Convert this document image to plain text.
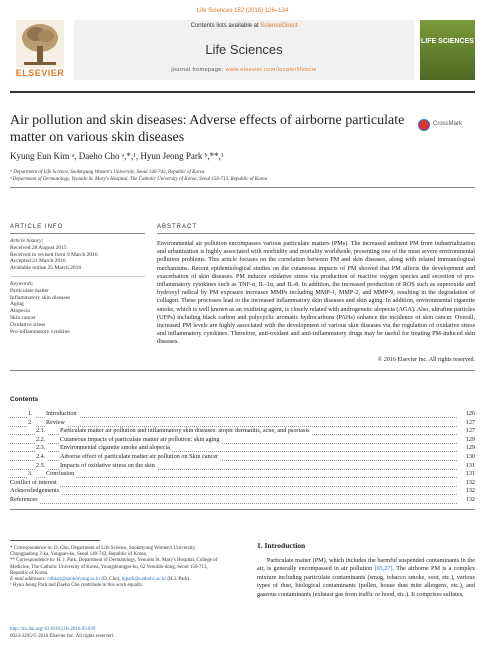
Life Sciences 152 (2016) 126–134
ELSEVIER
Contents lists available at ScienceDirect
Life Sciences
journal homepage: www.elsevier.com/locate/lifescie
LIFE SCIENCES
Air pollution and skin diseases: Adverse effects of airborne particulate
matter on various skin diseases
CrossMark
Kyung Eun Kim ᵃ, Daeho Cho ᵃ,*,¹, Hyun Jeong Park ᵇ,**,¹
ᵃ Department of Life Science, Sookmyung Women's University, Seoul 140-742, Republic of Korea
ᵇ Department of Dermatology, Yeouido St. Mary's Hospital, The Catholic University of Korea, Seoul 150-713, Republic of Korea
ARTICLE INFO	ABSTRACT
Article history:
Received 28 August 2015
Received in revised form 9 March 2016
Accepted 21 March 2016
Available online 25 March 2016
Keywords:
Particulate matter
Inflammatory skin diseases
Aging
Alopecia
Skin cancer
Oxidative stress
Pro-inflammatory cytokine
Environmental air pollution encompasses various particulate matters (PMs). The increased ambient PM from industrialization and urbanization is highly associated with morbidity and mortality worldwide, presenting one of the most severe environmental pollution problems. This article focuses on the correlation between PM and skin diseases, along with related immunological mechanisms. Recent epidemiological studies on the cutaneous impacts of PM showed that PM affects the development and exacerbation of skin diseases. PM induces oxidative stress via production of reactive oxygen species and secretion of pro-inflammatory cytokines such as TNF-α, IL-1α, and IL-8. In addition, the increased production of ROS such as superoxide and hydroxyl radical by PM exposure increases MMPs including MMP-1, MMP-2, and MMP-9, resulting in the degradation of collagen. These processes lead to the increased inflammatory skin diseases and skin aging. In addition, environmental cigarette smoke, which is well known as an oxidizing agent, is closely related with androgenetic alopecia (AGA). Also, ultrafine particles (UFPs) including black carbon and polycyclic aromatic hydrocarbons (PAHs) enhance the incidence of skin cancer. Overall, increased PM levels are highly associated with the development of various skin diseases via the regulation of oxidative stress and inflammatory cytokines. Therefore, anti-oxidant and anti-inflammatory drugs may be useful for treating PM-induced skin diseases.
© 2016 Elsevier Inc. All rights reserved.
Contents
1.	Introduction	126
2.	Review	127
2.1.	Particulate matter air pollution and inflammatory skin diseases: atopic dermatitis, acne, and psoriasis	127
2.2.	Cutaneous impacts of particulate matter air pollution: skin aging	129
2.3.	Environmental cigarette smoke and alopecia	129
2.4.	Adverse effect of particulate matter air pollution on Skin cancer	130
2.5.	Impacts of oxidative stress on the skin	131
3.	Conclusion	131
Conflict of interest	132
Acknowledgements	132
References	132
* Correspondence to: D. Cho, Department of Life Science, Sookmyung Women's University, Chungpadong 2-ka, Yongsan-ku, Seoul 140-742, Republic of Korea.
** Correspondence to: H. J. Park, Department of Dermatology, Yeouido St. Mary's Hospital, College of Medicine, The Catholic University of Korea, Youngdeungpo-ku, 62 Yeouido-dong, Seoul 150-713, Republic of Korea.
E-mail addresses: cdhkor@sookmyung.ac.kr (D. Cho), hjpark@catholic.ac.kr (H.J. Park).
¹ Hyun Jeong Park and Daeho Cho contribute to this work equally.
1. Introduction
Particulate matter (PM), which includes the harmful suspended contaminants in the air, is generally encompassed in air pollution [65,27]. The airborne PM is a complex mixture including particulate contaminants (smog, tobacco smoke, soot, etc.), various types of dust, biological contaminants (pollen, house dust mite allergens, etc.), and gaseous contaminants (exhaust gas from traffic or hood, etc.). It comprises sulfates,
http://dx.doi.org/10.1016/j.lfs.2016.03.039
0024-3205/© 2016 Elsevier Inc. All rights reserved.
